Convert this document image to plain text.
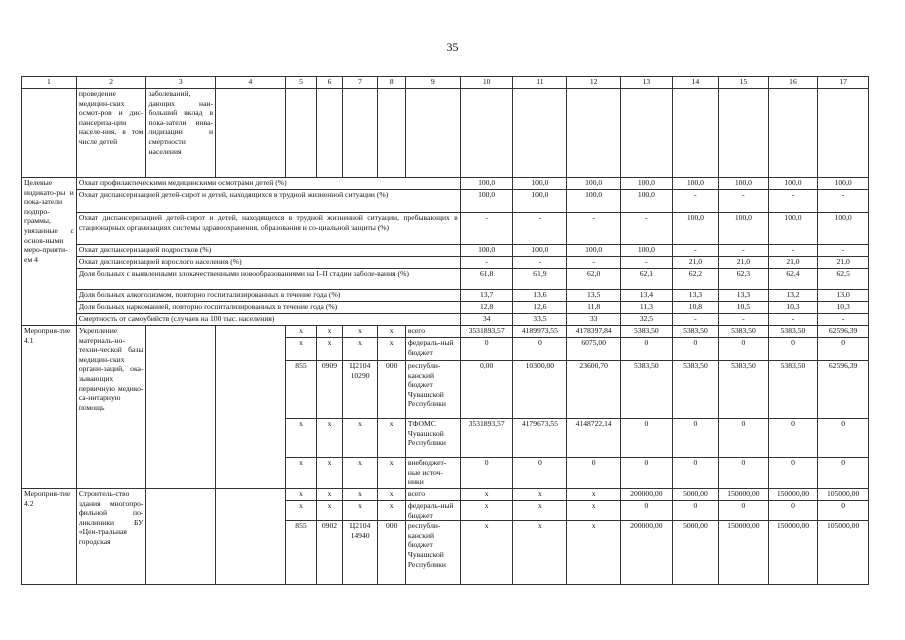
35
1	2	3	4	5	6	7	8	9	10	11	12	13	14	15	16	17
	проведение медицин-ских осмот-ров и дис-пансериза-ции населе-ния, в том числе детей	заболеваний, дающих наи-больший вклад в пока-затели инва-лидизации и смертности населения														
Целевые индикато-ры и пока-затели подпро-граммы, увязанные с основ-ными меро-прияти-ем 4	Охват профилактическими медицинскими осмотрами детей (%)								100,0	100,0	100,0	100,0	100,0	100,0	100,0	100,0
	Охват диспансеризацией детей-сирот и детей, находящихся в трудной жизненной ситуации (%)								100,0	100,0	100,0	100,0	-	-	-	-
	Охват диспансеризацией детей-сирот и детей, находящихся в трудной жизненной ситуации, пребывающих в стационарных организациях системы здравоохранения, образования и со-циальной защиты (%)								-	-	-	-	100,0	100,0	100,0	100,0
	Охват диспансеризацией подростков (%)								100,0	100,0	100,0	100,0	-	-	-	-
	Охват диспансеризацией взрослого населения (%)								-	-	-	-	21,0	21,0	21,0	21,0
	Доля больных с выявленными злокачественными новообразованиями на I–II стадии заболе-вания (%)								61,8	61,9	62,0	62,1	62,2	62,3	62,4	62,5
	Доля больных алкоголизмом, повторно госпитализированных в течение года (%)								13,7	13,6	13,5	13,4	13,3	13,3	13,2	13,0
	Доля больных наркоманией, повторно госпитализированных в течение года (%)								12,8	12,6	11,8	11,3	10,8	10,5	10,3	10,3
	Смертность от самоубийств (случаев на 100 тыс. населения)								34	33,5	33	32,5	-	-	-	-
Мероприя-тие 4.1	Укрепление материаль-но-техни-ческой базы медицин-ских органи-заций, ока-зывающих первичную медико-са-нитарную помощь			x	x	x	x	всего	3531893,57	4189973,55	4178397,84	5383,50	5383,50	5383,50	5383,50	62596,39
				x	x	x	x	федераль-ный бюджет	0	0	6075,00	0	0	0	0	0
				855	0909	Ц2104 10290	000	республи-канский бюджет Чувашской Республики	0,00	10300,00	23600,70	5383,50	5383,50	5383,50	5383,50	62596,39
				x	x	x	x	ТФОМС Чувашской Республики	3531893,57	4179673,55	4148722,14	0	0	0	0	0
				x	x	x	x	внебюджет-ные источ-ники	0	0	0	0	0	0	0	0
Мероприя-тие 4.2	Строитель-ство здания многопро-фильной по-ликлиники БУ «Цен-тральная городская			x	x	x	x	всего	x	x	x	200000,00	5000,00	150000,00	150000,00	105000,00
				x	x	x	x	федераль-ный бюджет	x	x	x	0	0	0	0	0
				855	0902	Ц2104 14940	000	республи-канский бюджет Чувашской Республики	x	x	x	200000,00	5000,00	150000,00	150000,00	105000,00
